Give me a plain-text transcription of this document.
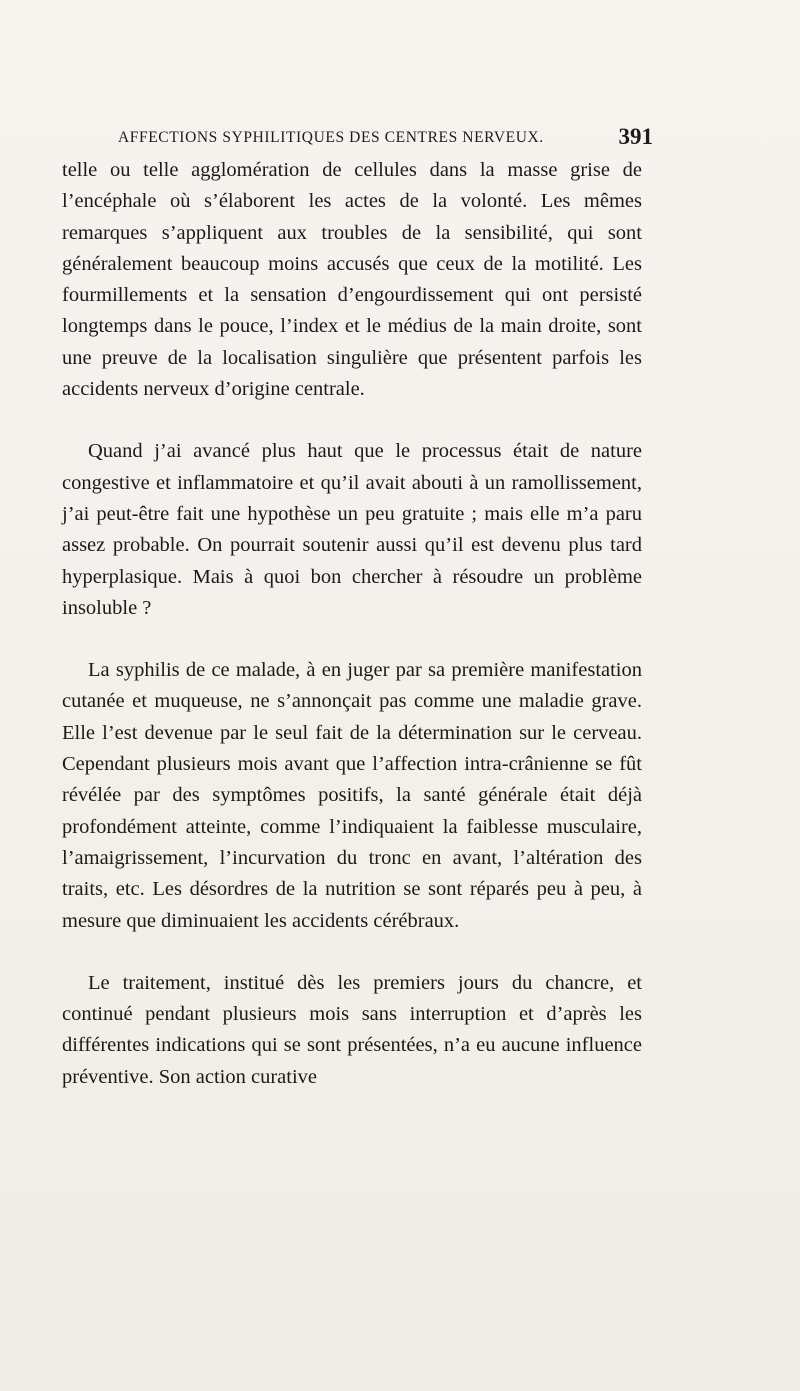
AFFECTIONS SYPHILITIQUES DES CENTRES NERVEUX.	391

telle ou telle agglomération de cellules dans la masse grise de l’encéphale où s’élaborent les actes de la volonté. Les mêmes remarques s’appliquent aux troubles de la sensibilité, qui sont généralement beaucoup moins accusés que ceux de la motilité. Les fourmillements et la sensation d’engourdissement qui ont persisté longtemps dans le pouce, l’index et le médius de la main droite, sont une preuve de la localisation singulière que présentent parfois les accidents nerveux d’origine centrale.

Quand j’ai avancé plus haut que le processus était de nature congestive et inflammatoire et qu’il avait abouti à un ramollissement, j’ai peut-être fait une hypothèse un peu gratuite ; mais elle m’a paru assez probable. On pourrait soutenir aussi qu’il est devenu plus tard hyperplasique. Mais à quoi bon chercher à résoudre un problème insoluble ?

La syphilis de ce malade, à en juger par sa première manifestation cutanée et muqueuse, ne s’annonçait pas comme une maladie grave. Elle l’est devenue par le seul fait de la détermination sur le cerveau. Cependant plusieurs mois avant que l’affection intra-crânienne se fût révélée par des symptômes positifs, la santé générale était déjà profondément atteinte, comme l’indiquaient la faiblesse musculaire, l’amaigrissement, l’incurvation du tronc en avant, l’altération des traits, etc. Les désordres de la nutrition se sont réparés peu à peu, à mesure que diminuaient les accidents cérébraux.

Le traitement, institué dès les premiers jours du chancre, et continué pendant plusieurs mois sans interruption et d’après les différentes indications qui se sont présentées, n’a eu aucune influence préventive. Son action curative
